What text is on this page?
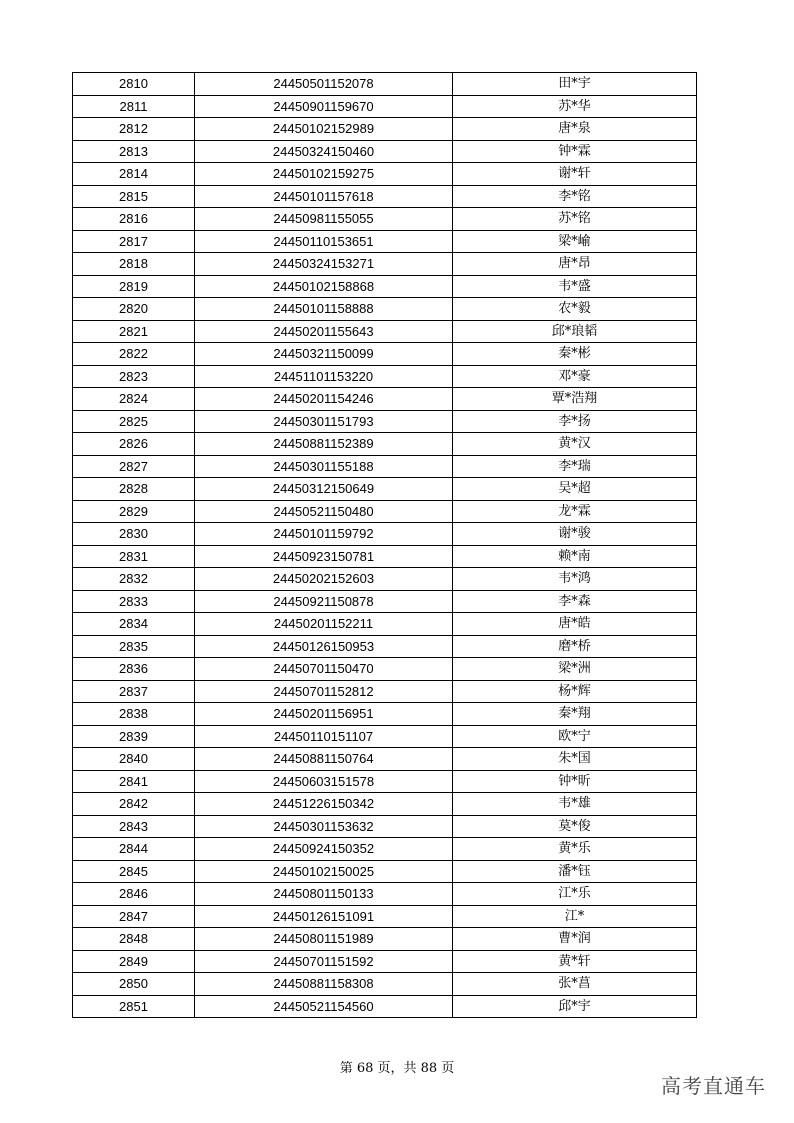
2810	24450501152078	田*宇
2811	24450901159670	苏*华
2812	24450102152989	唐*泉
2813	24450324150460	钟*霖
2814	24450102159275	谢*轩
2815	24450101157618	李*铭
2816	24450981155055	苏*铭
2817	24450110153651	梁*崳
2818	24450324153271	唐*昂
2819	24450102158868	韦*盛
2820	24450101158888	农*毅
2821	24450201155643	邱*琅韬
2822	24450321150099	秦*彬
2823	24451101153220	邓*豪
2824	24450201154246	覃*浩翔
2825	24450301151793	李*扬
2826	24450881152389	黄*汉
2827	24450301155188	李*瑞
2828	24450312150649	吴*超
2829	24450521150480	龙*霖
2830	24450101159792	谢*骏
2831	24450923150781	赖*南
2832	24450202152603	韦*鸿
2833	24450921150878	李*森
2834	24450201152211	唐*皓
2835	24450126150953	磨*桥
2836	24450701150470	梁*洲
2837	24450701152812	杨*辉
2838	24450201156951	秦*翔
2839	24450110151107	欧*宁
2840	24450881150764	朱*国
2841	24450603151578	钟*昕
2842	24451226150342	韦*雄
2843	24450301153632	莫*俊
2844	24450924150352	黄*乐
2845	24450102150025	潘*钰
2846	24450801150133	江*乐
2847	24450126151091	江*
2848	24450801151989	曹*润
2849	24450701151592	黄*轩
2850	24450881158308	张*菖
2851	24450521154560	邱*宇
第 68 页，共 88 页
高考直通车
